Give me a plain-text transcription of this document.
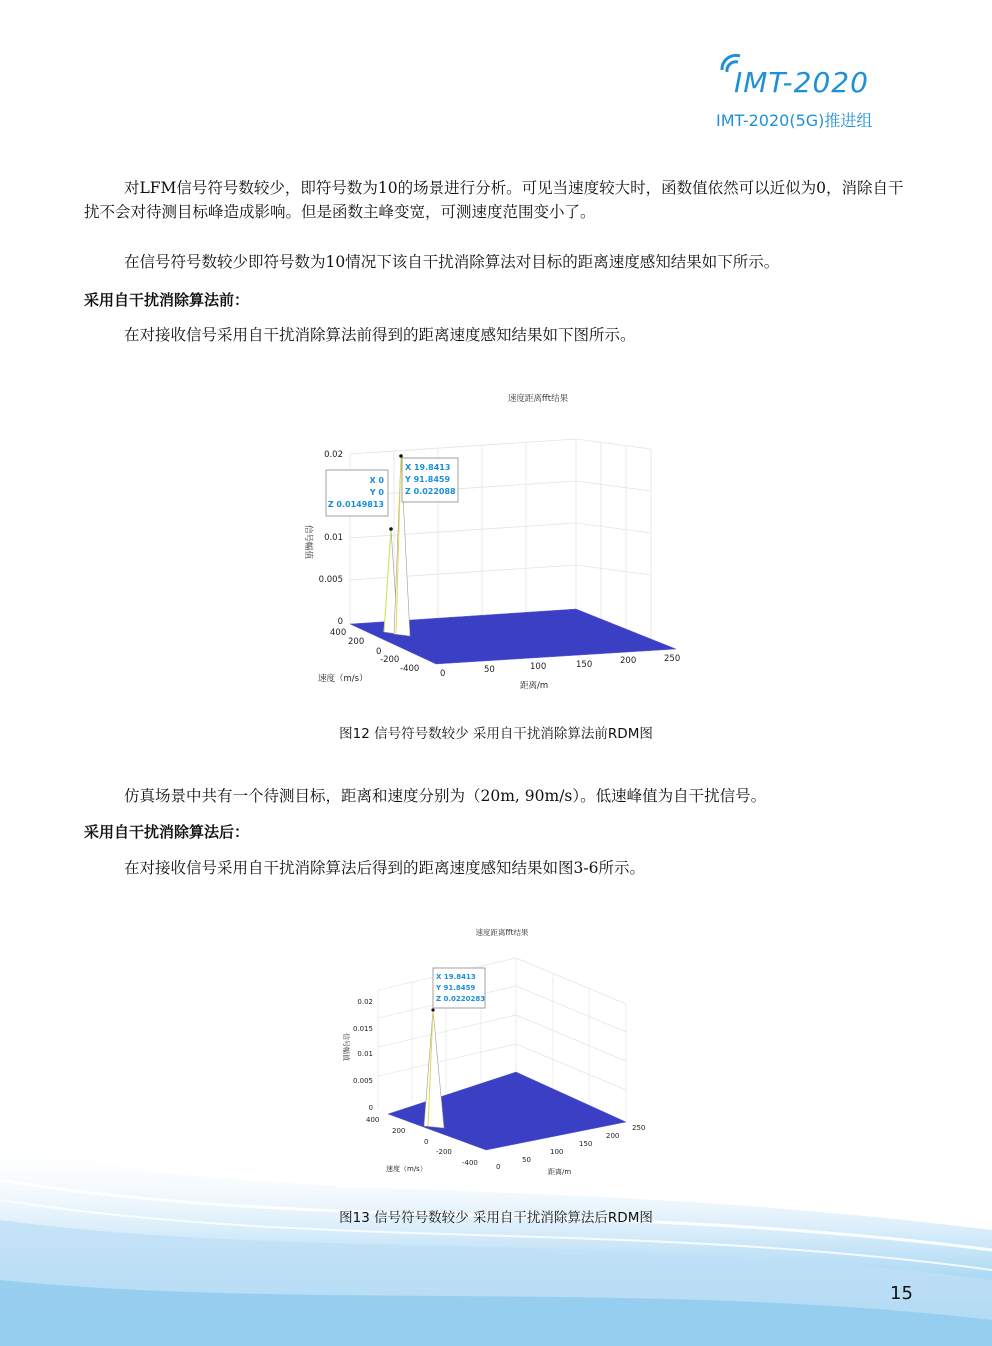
IMT-2020
IMT-2020(5G)推进组
对LFM信号符号数较少，即符号数为10的场景进行分析。可见当速度较大时，函数值依然可以近似为0，消除自干扰不会对待测目标峰造成影响。但是函数主峰变宽，可测速度范围变小了。
在信号符号数较少即符号数为10情况下该自干扰消除算法对目标的距离速度感知结果如下所示。
采用自干扰消除算法前：
在对接收信号采用自干扰消除算法前得到的距离速度感知结果如下图所示。
速度距离fft结果
0.02
0.01
0.005
0
信号幅值
400
200
0
-200
-400
速度（m/s）	0	50	100	150	200	250
距离/m
X 0
Y 0
Z 0.0149813
X 19.8413
Y 91.8459
Z 0.022088
图12 信号符号数较少 采用自干扰消除算法前RDM图
仿真场景中共有一个待测目标，距离和速度分别为（20m, 90m/s）。低速峰值为自干扰信号。
采用自干扰消除算法后：
在对接收信号采用自干扰消除算法后得到的距离速度感知结果如图3-6所示。
速度距离fft结果
0.02
0.015
0.01
0.005
0
信号幅值
400
200
0
-200
-400
速度（m/s）	0
50
100
150
200
250
距离/m
X 19.8413
Y 91.8459
Z 0.0220283
图13 信号符号数较少 采用自干扰消除算法后RDM图
15
